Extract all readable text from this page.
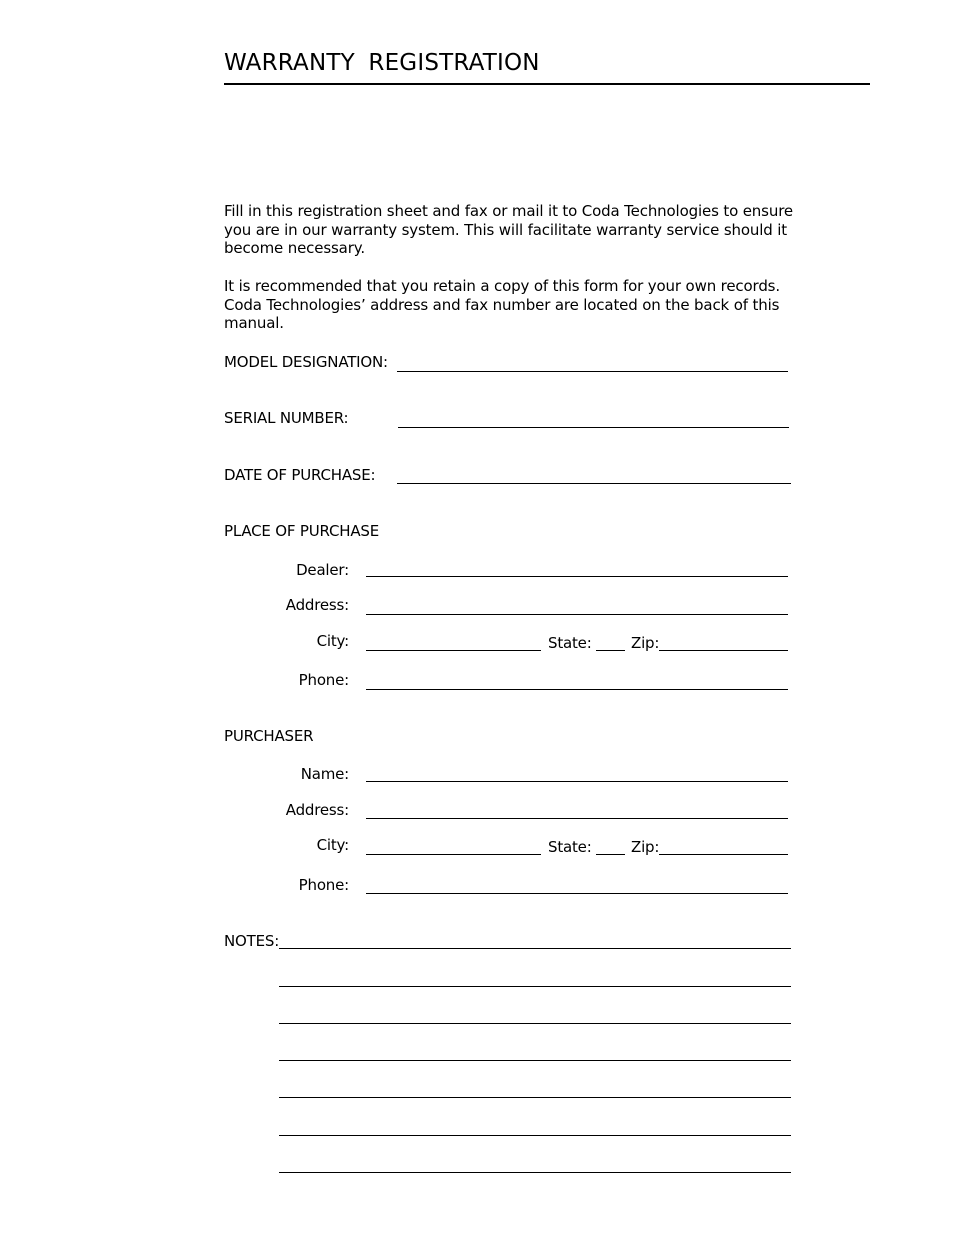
WARRANTY REGISTRATION

Fill in this registration sheet and fax or mail it to Coda Technologies to ensure you are in our warranty system. This will facilitate warranty service should it become necessary.

It is recommended that you retain a copy of this form for your own records. Coda Technologies’ address and fax number are located on the back of this manual.

MODEL DESIGNATION:
SERIAL NUMBER:
DATE OF PURCHASE:
PLACE OF PURCHASE
Dealer:
Address:
City:	State:	Zip:
Phone:
PURCHASER
Name:
Address:
City:	State:	Zip:
Phone:
NOTES:
